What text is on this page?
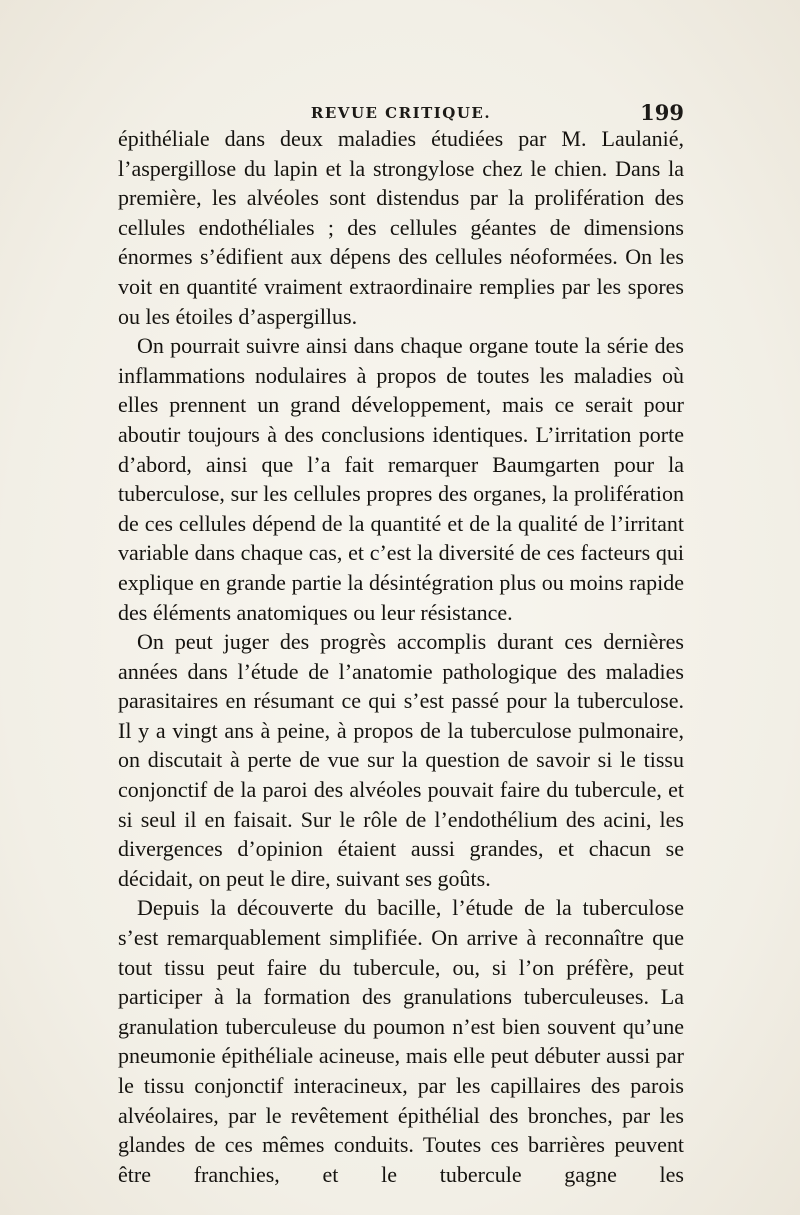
REVUE CRITIQUE.	199

épithéliale dans deux maladies étudiées par M. Laulanié, l’aspergillose du lapin et la strongylose chez le chien. Dans la première, les alvéoles sont distendus par la prolifération des cellules endothéliales ; des cellules géantes de dimensions énormes s’édifient aux dépens des cellules néoformées. On les voit en quantité vraiment extraordinaire remplies par les spores ou les étoiles d’aspergillus.

On pourrait suivre ainsi dans chaque organe toute la série des inflammations nodulaires à propos de toutes les maladies où elles prennent un grand développement, mais ce serait pour aboutir toujours à des conclusions identiques. L’irritation porte d’abord, ainsi que l’a fait remarquer Baumgarten pour la tuberculose, sur les cellules propres des organes, la prolifération de ces cellules dépend de la quantité et de la qualité de l’irritant variable dans chaque cas, et c’est la diversité de ces facteurs qui explique en grande partie la désintégration plus ou moins rapide des éléments anatomiques ou leur résistance.

On peut juger des progrès accomplis durant ces dernières années dans l’étude de l’anatomie pathologique des maladies parasitaires en résumant ce qui s’est passé pour la tuberculose. Il y a vingt ans à peine, à propos de la tuberculose pulmonaire, on discutait à perte de vue sur la question de savoir si le tissu conjonctif de la paroi des alvéoles pouvait faire du tubercule, et si seul il en faisait. Sur le rôle de l’endothélium des acini, les divergences d’opinion étaient aussi grandes, et chacun se décidait, on peut le dire, suivant ses goûts.

Depuis la découverte du bacille, l’étude de la tuberculose s’est remarquablement simplifiée. On arrive à reconnaître que tout tissu peut faire du tubercule, ou, si l’on préfère, peut participer à la formation des granulations tuberculeuses. La granulation tuberculeuse du poumon n’est bien souvent qu’une pneumonie épithéliale acineuse, mais elle peut débuter aussi par le tissu conjonctif interacineux, par les capillaires des parois alvéolaires, par le revêtement épithélial des bronches, par les glandes de ces mêmes conduits. Toutes ces barrières peuvent être franchies, et le tubercule gagne les
